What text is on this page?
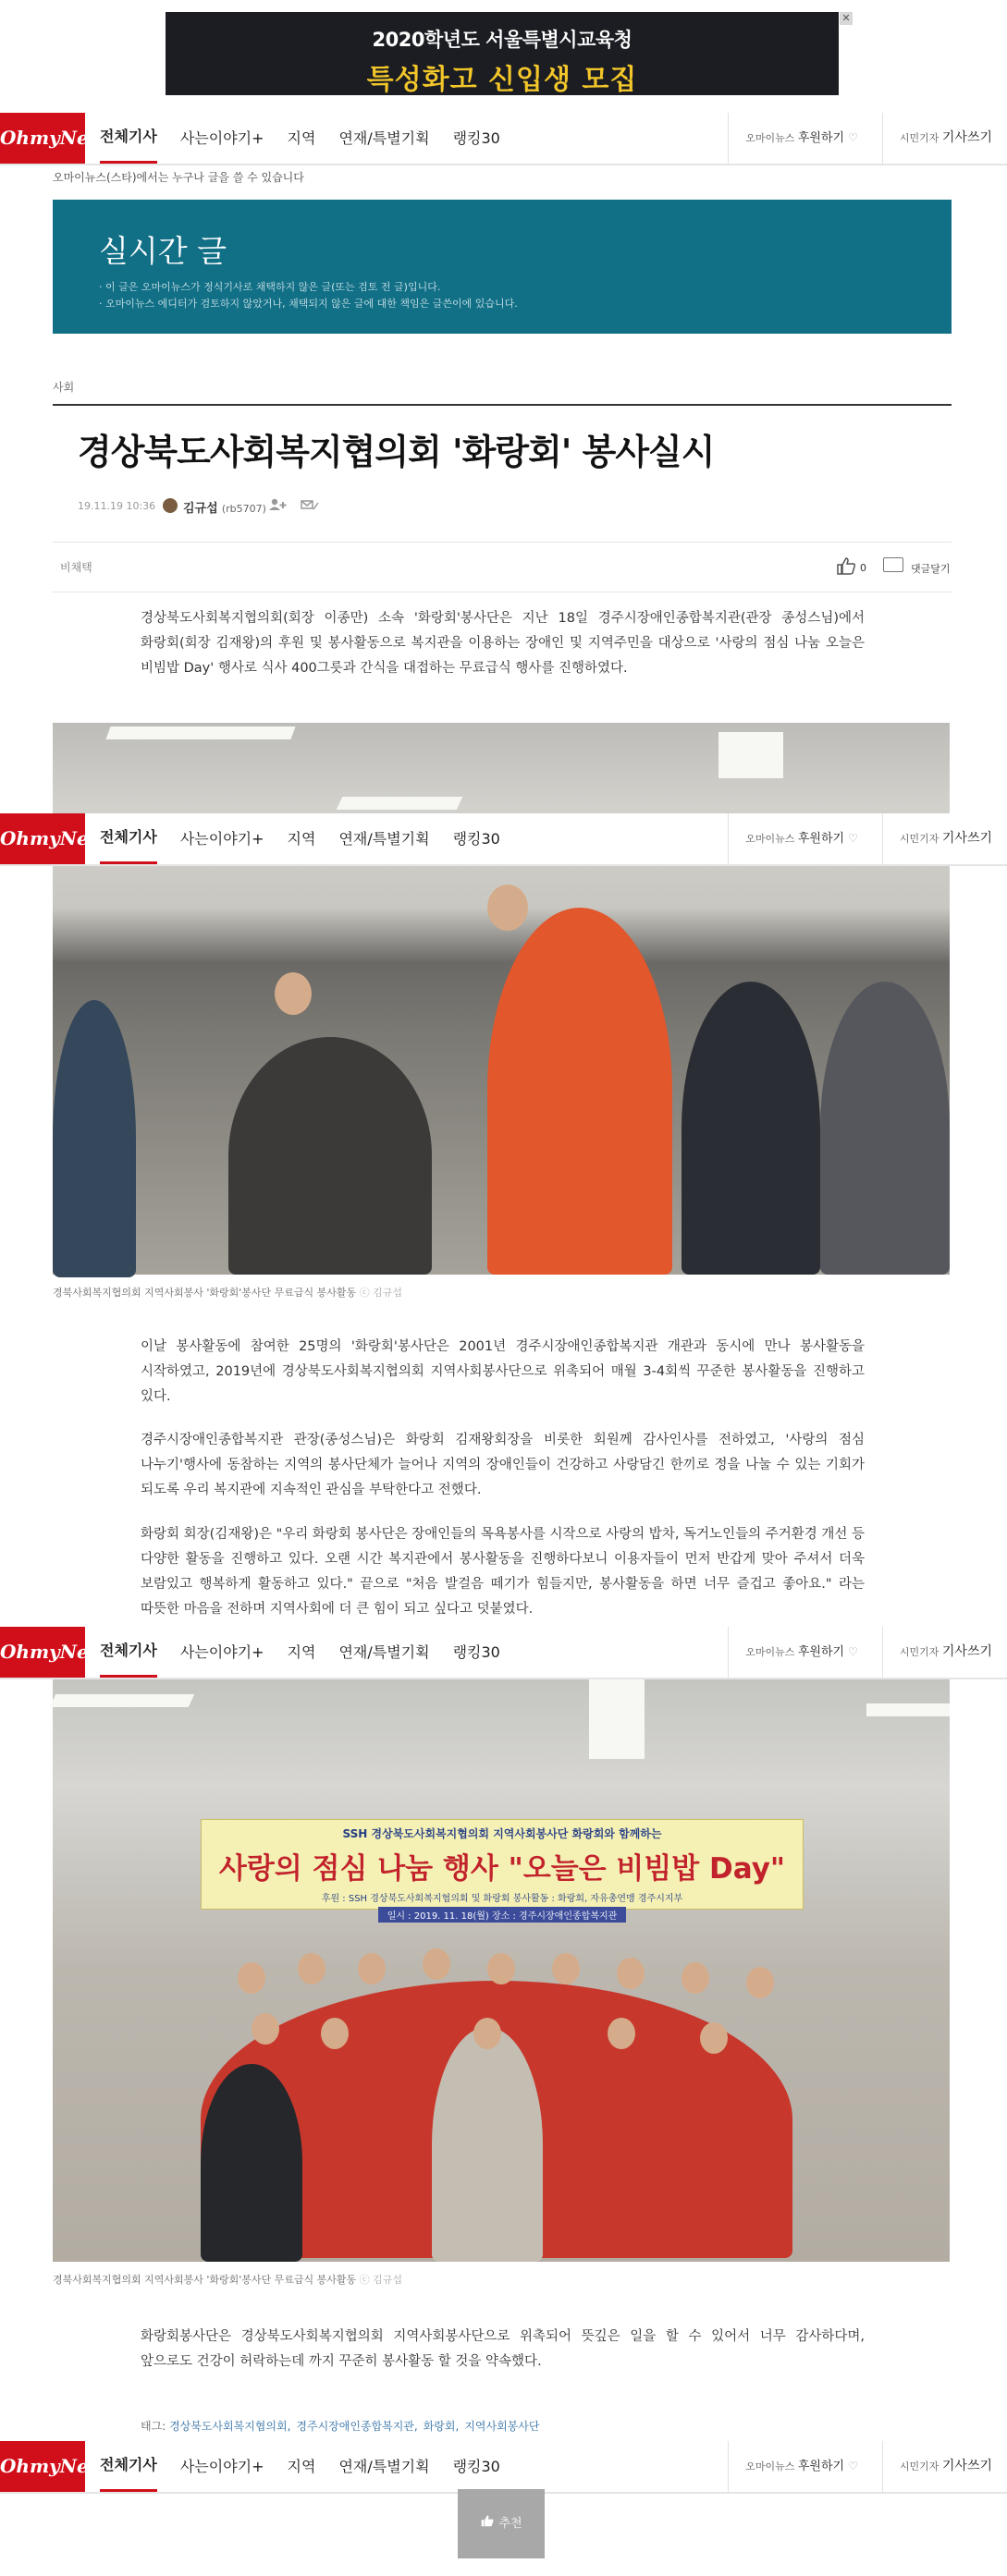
2020학년도 서울특별시교육청
특성화고 신입생 모집
✕
OhmyNews
전체기사 사는이야기+ 지역 연재/특별기획 랭킹30	오마이뉴스 후원하기 ♡	시민기자 기사쓰기
오마이뉴스(스타)에서는 누구나 글을 쓸 수 있습니다
실시간 글
· 이 글은 오마이뉴스가 정식기사로 채택하지 않은 글(또는 검토 전 글)입니다.
· 오마이뉴스 에디터가 검토하지 않았거나, 채택되지 않은 글에 대한 책임은 글쓴이에 있습니다.
사회
경상북도사회복지협의회 '화랑회' 봉사실시
19.11.19 10:36 김규섭 (rb5707)
비채택	0	댓글달기
경상북도사회복지협의회(회장 이종만) 소속 '화랑회'봉사단은 지난 18일 경주시장애인종합복지관(관장 종성스님)에서 화랑회(회장 김재왕)의 후원 및 봉사활동으로 복지관을 이용하는 장애인 및 지역주민을 대상으로 '사랑의 점심 나눔 오늘은 비빔밥 Day' 행사로 식사 400그릇과 간식을 대접하는 무료급식 행사를 진행하였다.
OhmyNews
전체기사 사는이야기+ 지역 연재/특별기획 랭킹30	오마이뉴스 후원하기 ♡	시민기자 기사쓰기
경북사회복지협의회 지역사회봉사 '화랑회'봉사단 무료급식 봉사활동 ⓒ 김규섭
이날 봉사활동에 참여한 25명의 '화랑회'봉사단은 2001년 경주시장애인종합복지관 개관과 동시에 만나 봉사활동을 시작하였고, 2019년에 경상북도사회복지협의회 지역사회봉사단으로 위촉되어 매월 3-4회씩 꾸준한 봉사활동을 진행하고 있다.
경주시장애인종합복지관 관장(종성스님)은 화랑회 김재왕회장을 비롯한 회원께 감사인사를 전하였고, '사랑의 점심 나누기'행사에 동참하는 지역의 봉사단체가 늘어나 지역의 장애인들이 건강하고 사랑담긴 한끼로 정을 나눌 수 있는 기회가 되도록 우리 복지관에 지속적인 관심을 부탁한다고 전했다.
화랑회 회장(김재왕)은 "우리 화랑회 봉사단은 장애인들의 목욕봉사를 시작으로 사랑의 밥차, 독거노인들의 주거환경 개선 등 다양한 활동을 진행하고 있다. 오랜 시간 복지관에서 봉사활동을 진행하다보니 이용자들이 먼저 반갑게 맞아 주셔서 더욱 보람있고 행복하게 활동하고 있다." 끝으로 "처음 발걸음 떼기가 힘들지만, 봉사활동을 하면 너무 즐겁고 좋아요." 라는 따뜻한 마음을 전하며 지역사회에 더 큰 힘이 되고 싶다고 덧붙였다.
SSH 경상북도사회복지협의회 지역사회봉사단 화랑회와 함께하는
사랑의 점심 나눔 행사 "오늘은 비빔밥 Day"
후원 : SSH 경상북도사회복지협의회 및 화랑회 봉사활동 : 화랑회, 자유총연맹 경주시지부
일시 : 2019. 11. 18(월) 장소 : 경주시장애인종합복지관
OhmyNews
전체기사 사는이야기+ 지역 연재/특별기획 랭킹30	오마이뉴스 후원하기 ♡	시민기자 기사쓰기
경북사회복지협의회 지역사회봉사 '화랑회'봉사단 무료급식 봉사활동 ⓒ 김규섭
화랑회봉사단은 경상북도사회복지협의회 지역사회봉사단으로 위촉되어 뜻깊은 일을 할 수 있어서 너무 감사하다며, 앞으로도 건강이 허락하는데 까지 꾸준히 봉사활동 할 것을 약속했다.
태그: 경상북도사회복지협의회, 경주시장애인종합복지관, 화랑회, 지역사회봉사단
OhmyNews
전체기사 사는이야기+ 지역 연재/특별기획 랭킹30	오마이뉴스 후원하기 ♡	시민기자 기사쓰기
추천
